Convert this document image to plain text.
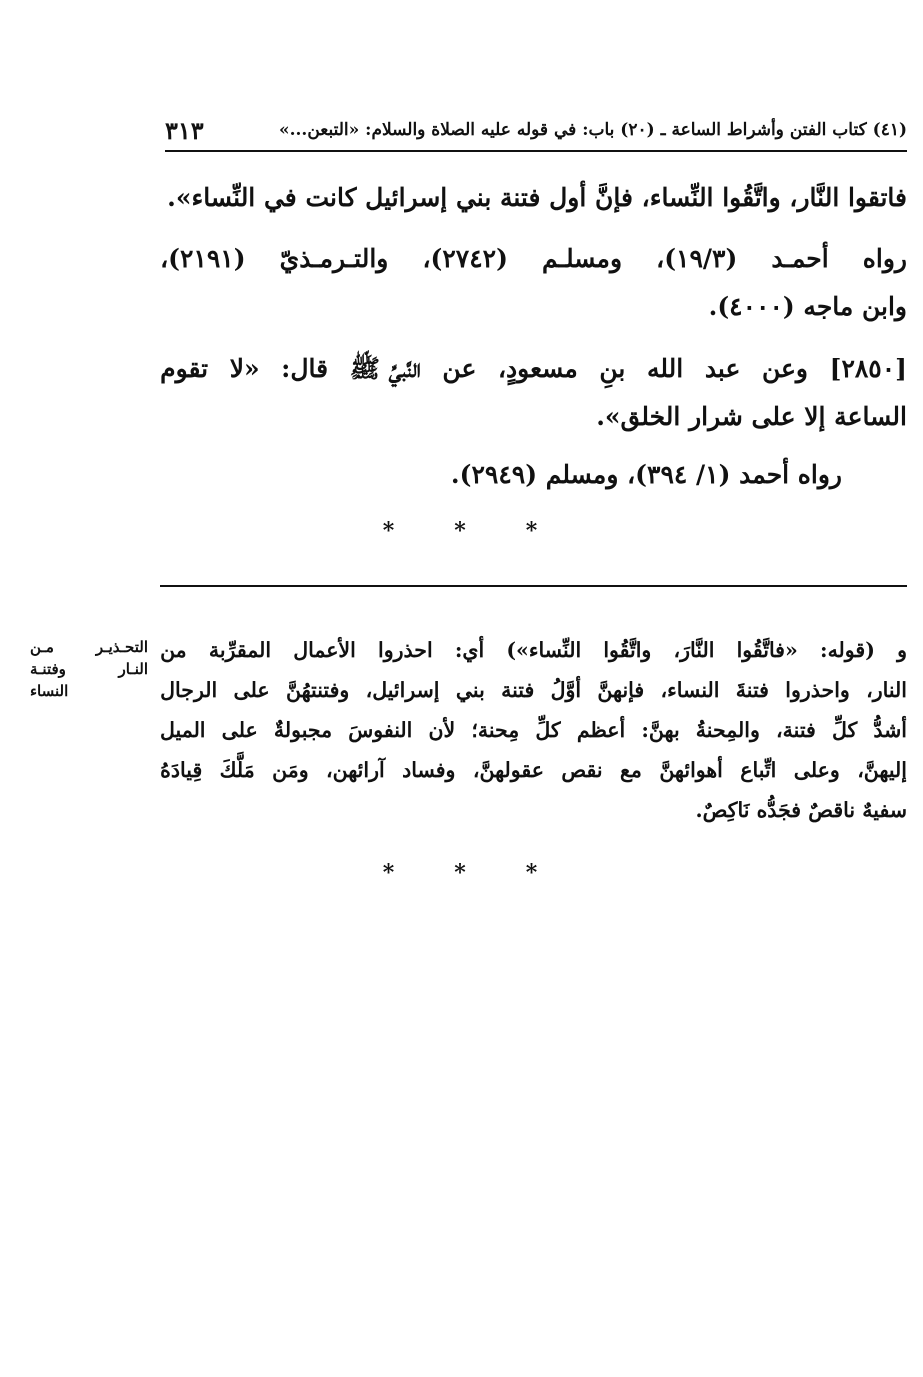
(٤١) كتاب الفتن وأشراط الساعة ـ (٢٠) باب: في قوله عليه الصلاة والسلام: «التبعن...»
٣١٣
فاتقوا النَّار، واتَّقُوا النِّساء، فإنَّ أول فتنة بني إسرائيل كانت في النِّساء».
رواه
أحمـد
(١٩/٣)،
ومسلـم
(٢٧٤٢)،
والتـرمـذيّ
(٢١٩١)،
وابن ماجه (٤٠٠٠).
[٢٨٥٠]
وعن
عبد
الله
بنِ
مسعودٍ،
عن
النَّبيِّ ﷺ
قال:
«لا
تقوم
الساعة إلا على شرار الخلق».
رواه أحمد (١/ ٣٩٤)، ومسلم (٢٩٤٩).
*	*	*
و
(قوله:
«فاتَّقُوا
النَّارَ،
واتَّقُوا
النِّساء»)
أي:
احذروا
الأعمال
المقرِّبة
من
النار،
واحذروا
فتنةَ
النساء،
فإنهنَّ
أوَّلُ
فتنة
بني
إسرائيل،
وفتنتهُنَّ
على
الرجال
أشدُّ
كلِّ
فتنة،
والمِحنةُ
بهنَّ:
أعظم
كلِّ
مِحنة؛
لأن
النفوسَ
مجبولةٌ
على
الميل
إليهنَّ،
وعلى
اتِّباع
أهوائهنَّ
مع
نقص
عقولهنَّ،
وفساد
آرائهن،
ومَن
مَلَّكَ
قِيادَهُ
سفيهٌ

ناقصٌ

فجَدُّه

نَاكِصٌ.
التحـذيـر مـن
النـار وفتنـة
النساء
*	*	*
